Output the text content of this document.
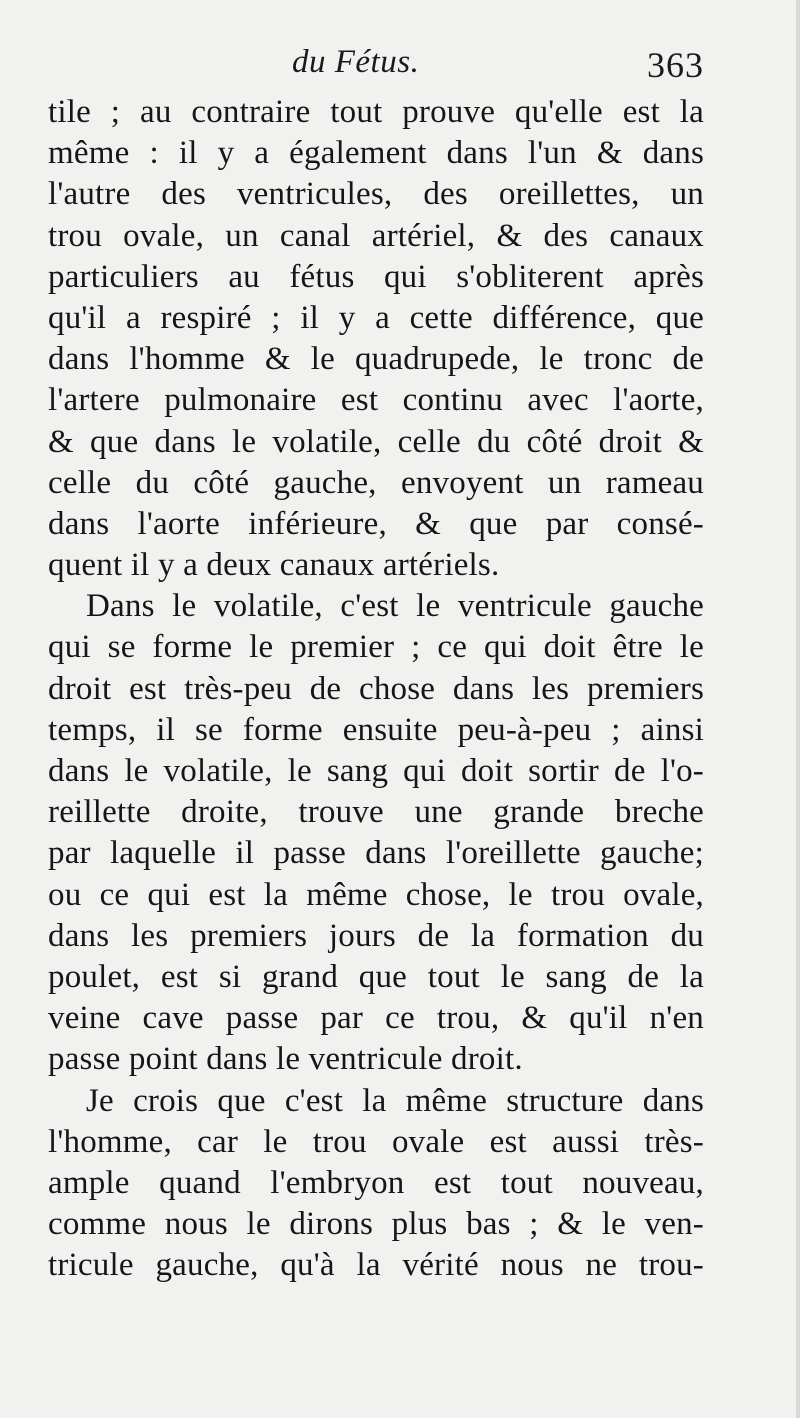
du Fétus.	363
tile ; au contraire tout prouve qu'elle est la
même : il y a également dans l'un & dans
l'autre des ventricules, des oreillettes, un
trou ovale, un canal artériel, & des canaux
particuliers au fétus qui s'obliterent après
qu'il a respiré ; il y a cette différence, que
dans l'homme & le quadrupede, le tronc de
l'artere pulmonaire est continu avec l'aorte,
& que dans le volatile, celle du côté droit &
celle du côté gauche, envoyent un rameau
dans l'aorte inférieure, & que par consé-
quent il y a deux canaux artériels.
Dans le volatile, c'est le ventricule gauche
qui se forme le premier ; ce qui doit être le
droit est très-peu de chose dans les premiers
temps, il se forme ensuite peu-à-peu ; ainsi
dans le volatile, le sang qui doit sortir de l'o-
reillette droite, trouve une grande breche
par laquelle il passe dans l'oreillette gauche;
ou ce qui est la même chose, le trou ovale,
dans les premiers jours de la formation du
poulet, est si grand que tout le sang de la
veine cave passe par ce trou, & qu'il n'en
passe point dans le ventricule droit.
Je crois que c'est la même structure dans
l'homme, car le trou ovale est aussi très-
ample quand l'embryon est tout nouveau,
comme nous le dirons plus bas ; & le ven-
tricule gauche, qu'à la vérité nous ne trou-
